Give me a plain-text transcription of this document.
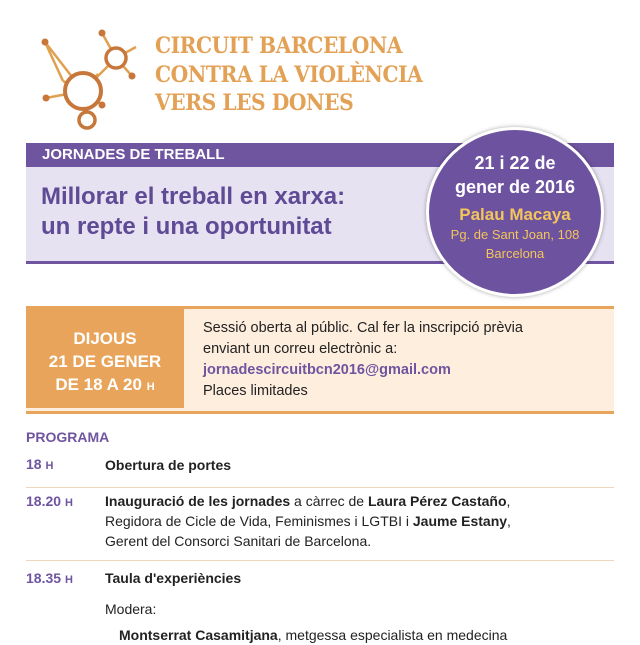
CIRCUIT BARCELONA
CONTRA LA VIOLÈNCIA
VERS LES DONES
JORNADES DE TREBALL
Millorar el treball en xarxa:
un repte i una oportunitat
21 i 22 de
gener de 2016
Palau Macaya
Pg. de Sant Joan, 108
Barcelona
DIJOUS
21 DE GENER
DE 18 A 20 H
Sessió oberta al públic. Cal fer la inscripció prèvia
enviant un correu electrònic a:
jornadescircuitbcn2016@gmail.com
Places limitades
PROGRAMA
18 H	Obertura de portes
18.20 H Inauguració de les jornades a càrrec de Laura Pérez Castaño,
Regidora de Cicle de Vida, Feminismes i LGTBI i Jaume Estany,
Gerent del Consorci Sanitari de Barcelona.
18.35 H Taula d'experiències
Modera:
Montserrat Casamitjana, metgessa especialista en medecina
